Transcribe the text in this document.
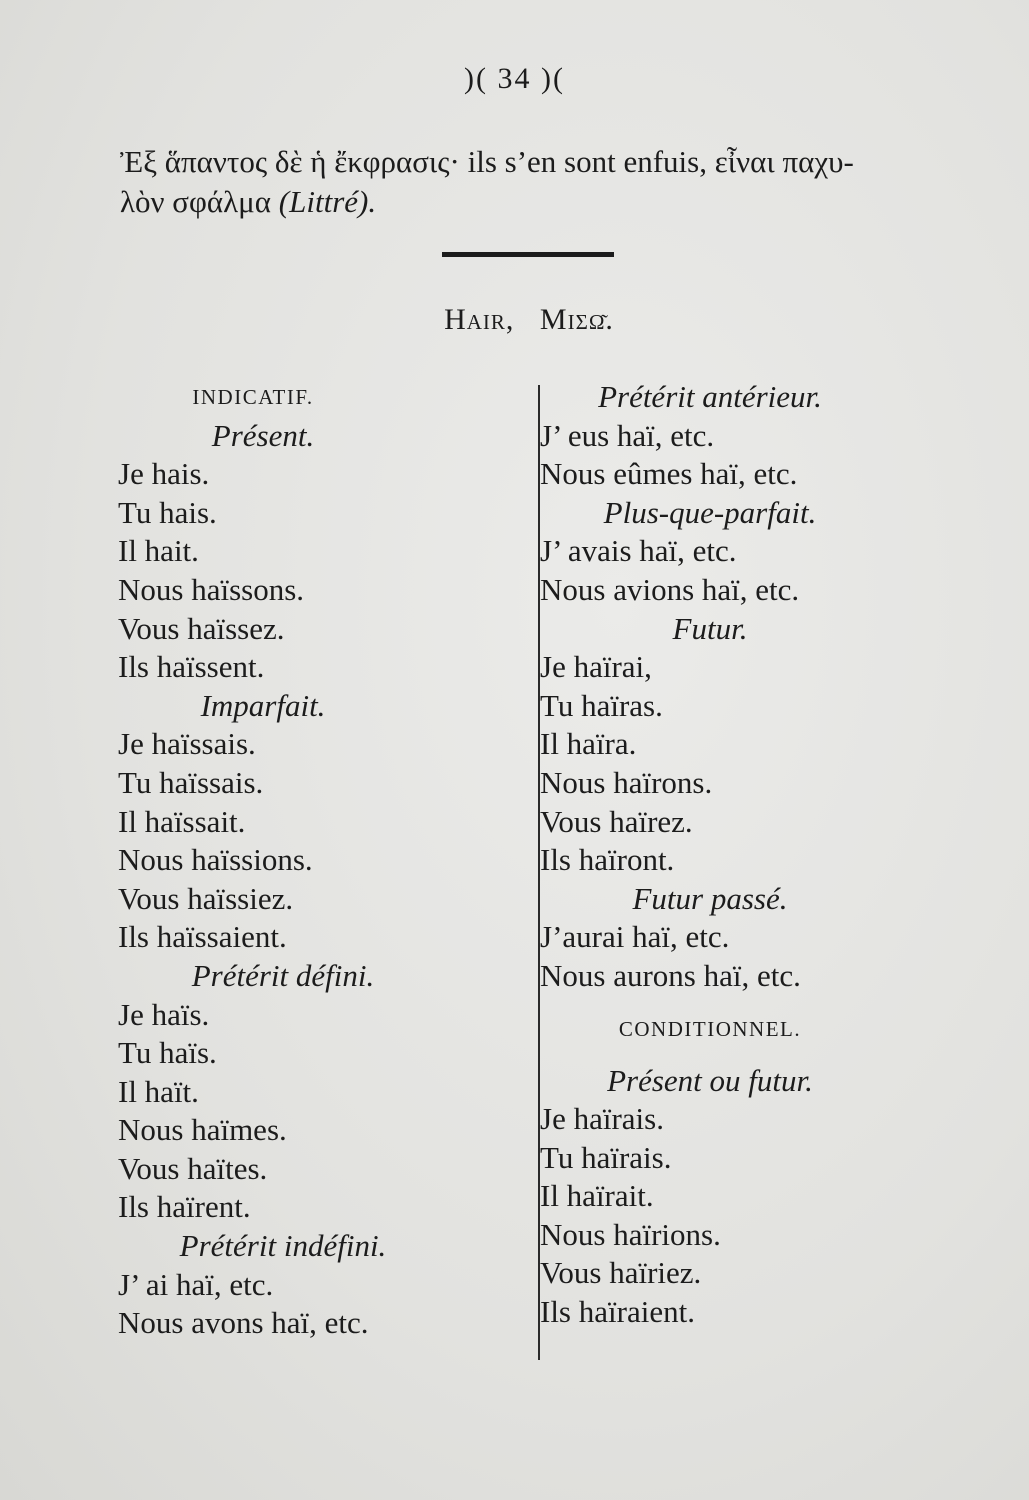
)( 34 )(
Ἐξ ἅπαντος δὲ ἡ ἔκφρασις· ils s’en sont enfuis, εἶναι παχυ-
λὸν σφάλμα (Littré).
Hair, Μισῶ.
INDICATIF.
Présent.
Je hais.
Tu hais.
Il hait.
Nous haïssons.
Vous haïssez.
Ils haïssent.
Imparfait.
Je haïssais.
Tu haïssais.
Il haïssait.
Nous haïssions.
Vous haïssiez.
Ils haïssaient.
Prétérit défini.
Je haïs.
Tu haïs.
Il haït.
Nous haïmes.
Vous haïtes.
Ils haïrent.
Prétérit indéfini.
J’ ai haï, etc.
Nous avons haï, etc.
Prétérit antérieur.
J’ eus haï, etc.
Nous eûmes haï, etc.
Plus-que-parfait.
J’ avais haï, etc.
Nous avions haï, etc.
Futur.
Je haïrai,
Tu haïras.
Il haïra.
Nous haïrons.
Vous haïrez.
Ils haïront.
Futur passé.
J’aurai haï, etc.
Nous aurons haï, etc.
CONDITIONNEL.
Présent ou futur.
Je haïrais.
Tu haïrais.
Il haïrait.
Nous haïrions.
Vous haïriez.
Ils haïraient.
